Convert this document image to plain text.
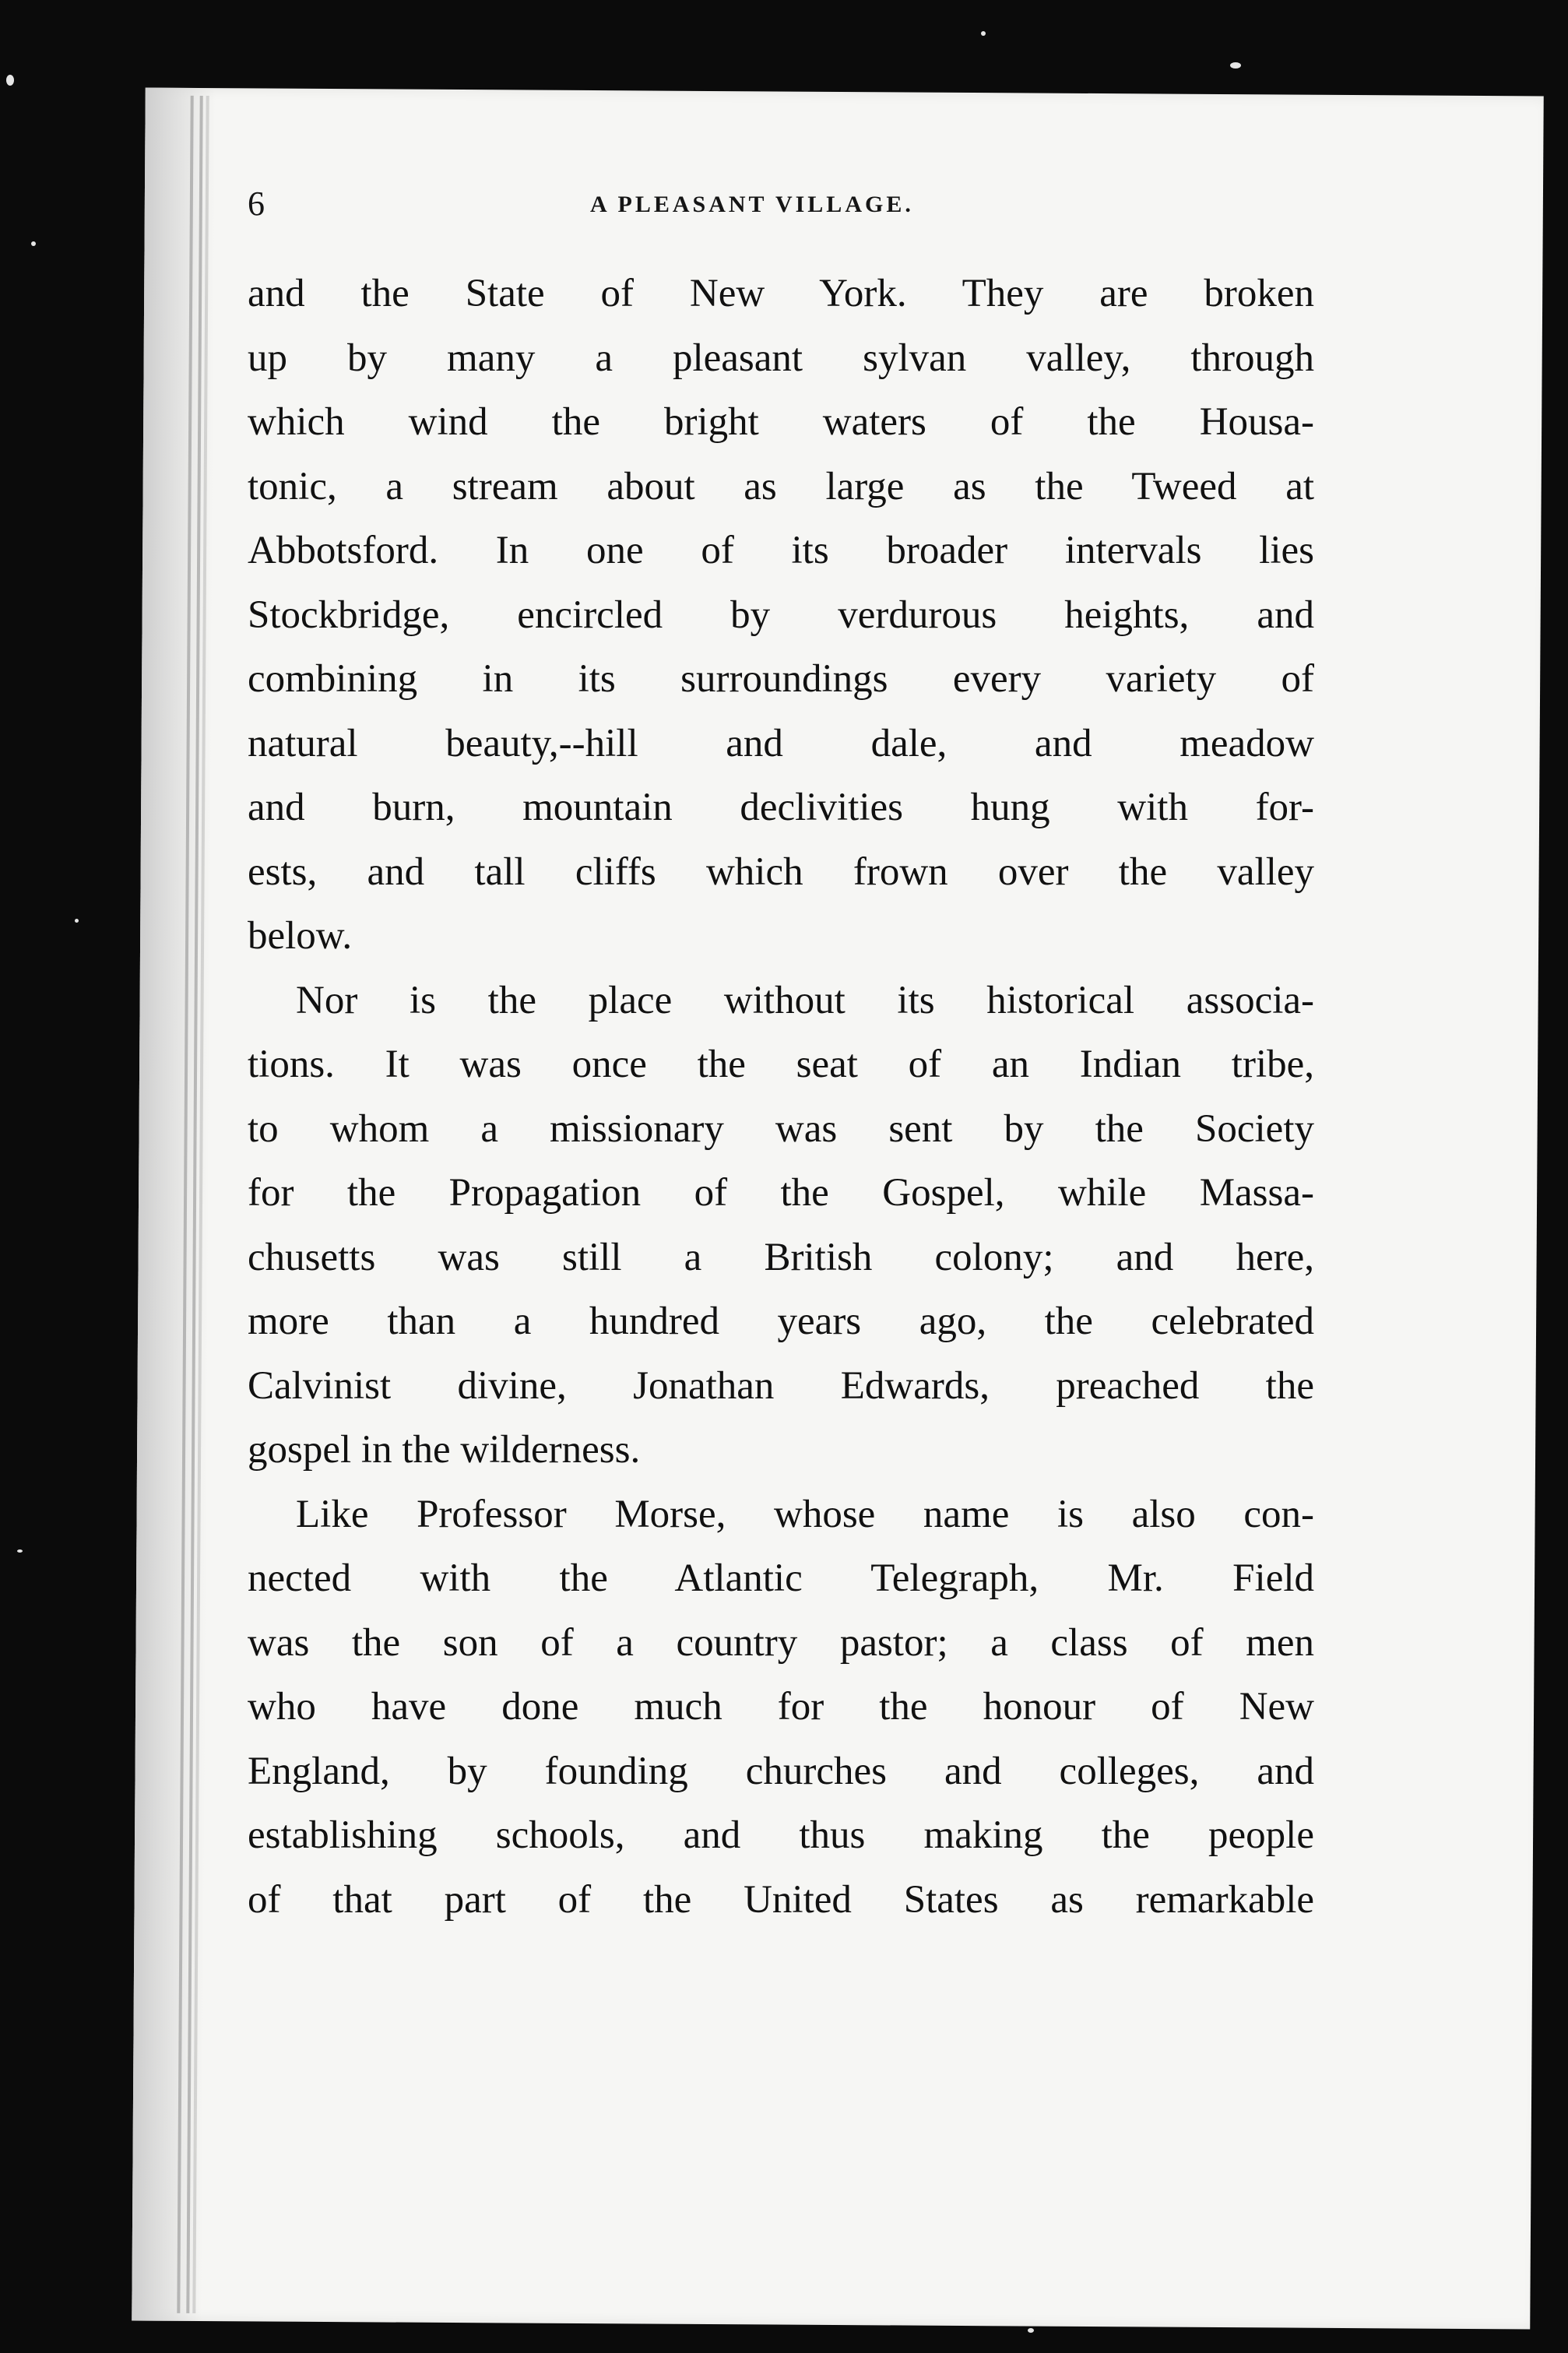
6	A PLEASANT VILLAGE.
and the State of New York. They are broken
up by many a pleasant sylvan valley, through
which wind the bright waters of the Housa-
tonic, a stream about as large as the Tweed at
Abbotsford. In one of its broader intervals lies
Stockbridge, encircled by verdurous heights, and
combining in its surroundings every variety of
natural beauty,--hill and dale, and meadow
and burn, mountain declivities hung with for-
ests, and tall cliffs which frown over the valley
below.
Nor is the place without its historical associa-
tions. It was once the seat of an Indian tribe,
to whom a missionary was sent by the Society
for the Propagation of the Gospel, while Massa-
chusetts was still a British colony; and here,
more than a hundred years ago, the celebrated
Calvinist divine, Jonathan Edwards, preached the
gospel in the wilderness.
Like Professor Morse, whose name is also con-
nected with the Atlantic Telegraph, Mr. Field
was the son of a country pastor; a class of men
who have done much for the honour of New
England, by founding churches and colleges, and
establishing schools, and thus making the people
of that part of the United States as remarkable
